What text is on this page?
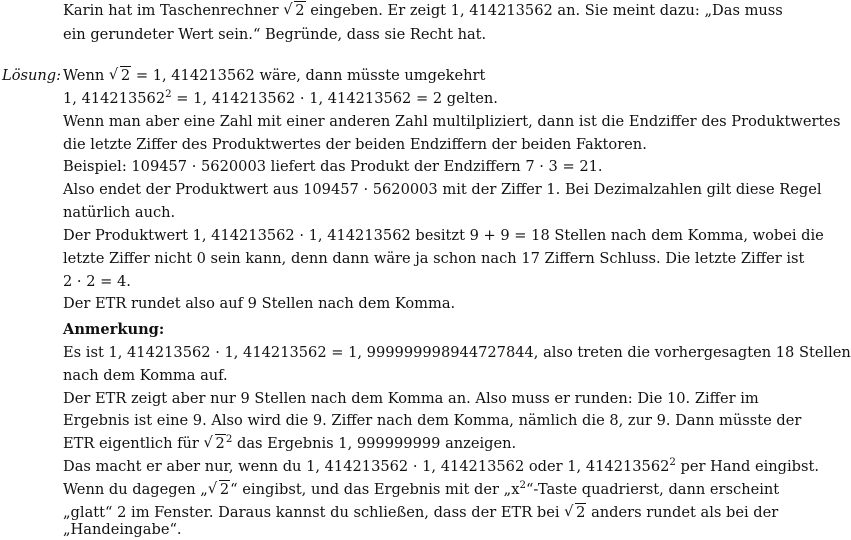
Karin hat im Taschenrechner √ 2 eingeben. Er zeigt 1, 414213562 an. Sie meint dazu: „Das muss
ein gerundeter Wert sein.“ Begründe, dass sie Recht hat.
Lösung: Wenn √ 2 = 1, 414213562 wäre, dann müsste umgekehrt
1, $414213562^2 = 1$, 414213562 · 1, 414213562 = 2 gelten.
Wenn man aber eine Zahl mit einer anderen Zahl multilpliziert, dann ist die Endziffer des Produktwertes
die letzte Ziffer des Produktwertes der beiden Endziffern der beiden Faktoren.
Beispiel: 109457 · 5620003 liefert das Produkt der Endziffern 7 · 3 = 21.
Also endet der Produktwert aus 109457 · 5620003 mit der Ziffer 1. Bei Dezimalzahlen gilt diese Regel
natürlich auch.
Der Produktwert 1, 414213562 · 1, 414213562 besitzt 9 + 9 = 18 Stellen nach dem Komma, wobei die
letzte Ziffer nicht 0 sein kann, denn dann wäre ja schon nach 17 Ziffern Schluss. Die letzte Ziffer ist
2 · 2 = 4.
Der ETR rundet also auf 9 Stellen nach dem Komma.
Anmerkung:
Es ist 1, 414213562 · 1, 414213562 = 1, 999999998944727844, also treten die vorhergesagten 18 Stellen
nach dem Komma auf.
Der ETR zeigt aber nur 9 Stellen nach dem Komma an. Also muss er runden: Die 10. Ziffer im
Ergebnis ist eine 9. Also wird die 9. Ziffer nach dem Komma, nämlich die 8, zur 9. Dann müsste der
ETR eigentlich für √ $2^2$ das Ergebnis 1, 999999999 anzeigen.
Das macht er aber nur, wenn du 1, 414213562 · 1, 414213562 oder 1, 414213562$^2$ per Hand eingibst.
Wenn du dagegen „√ 2“ eingibst, und das Ergebnis mit der $„x^2“$-Taste quadrierst, dann erscheint
„glatt“ 2 im Fenster. Daraus kannst du schließen, dass der ETR bei √ 2 anders rundet als bei der
„Handeingabe“.
